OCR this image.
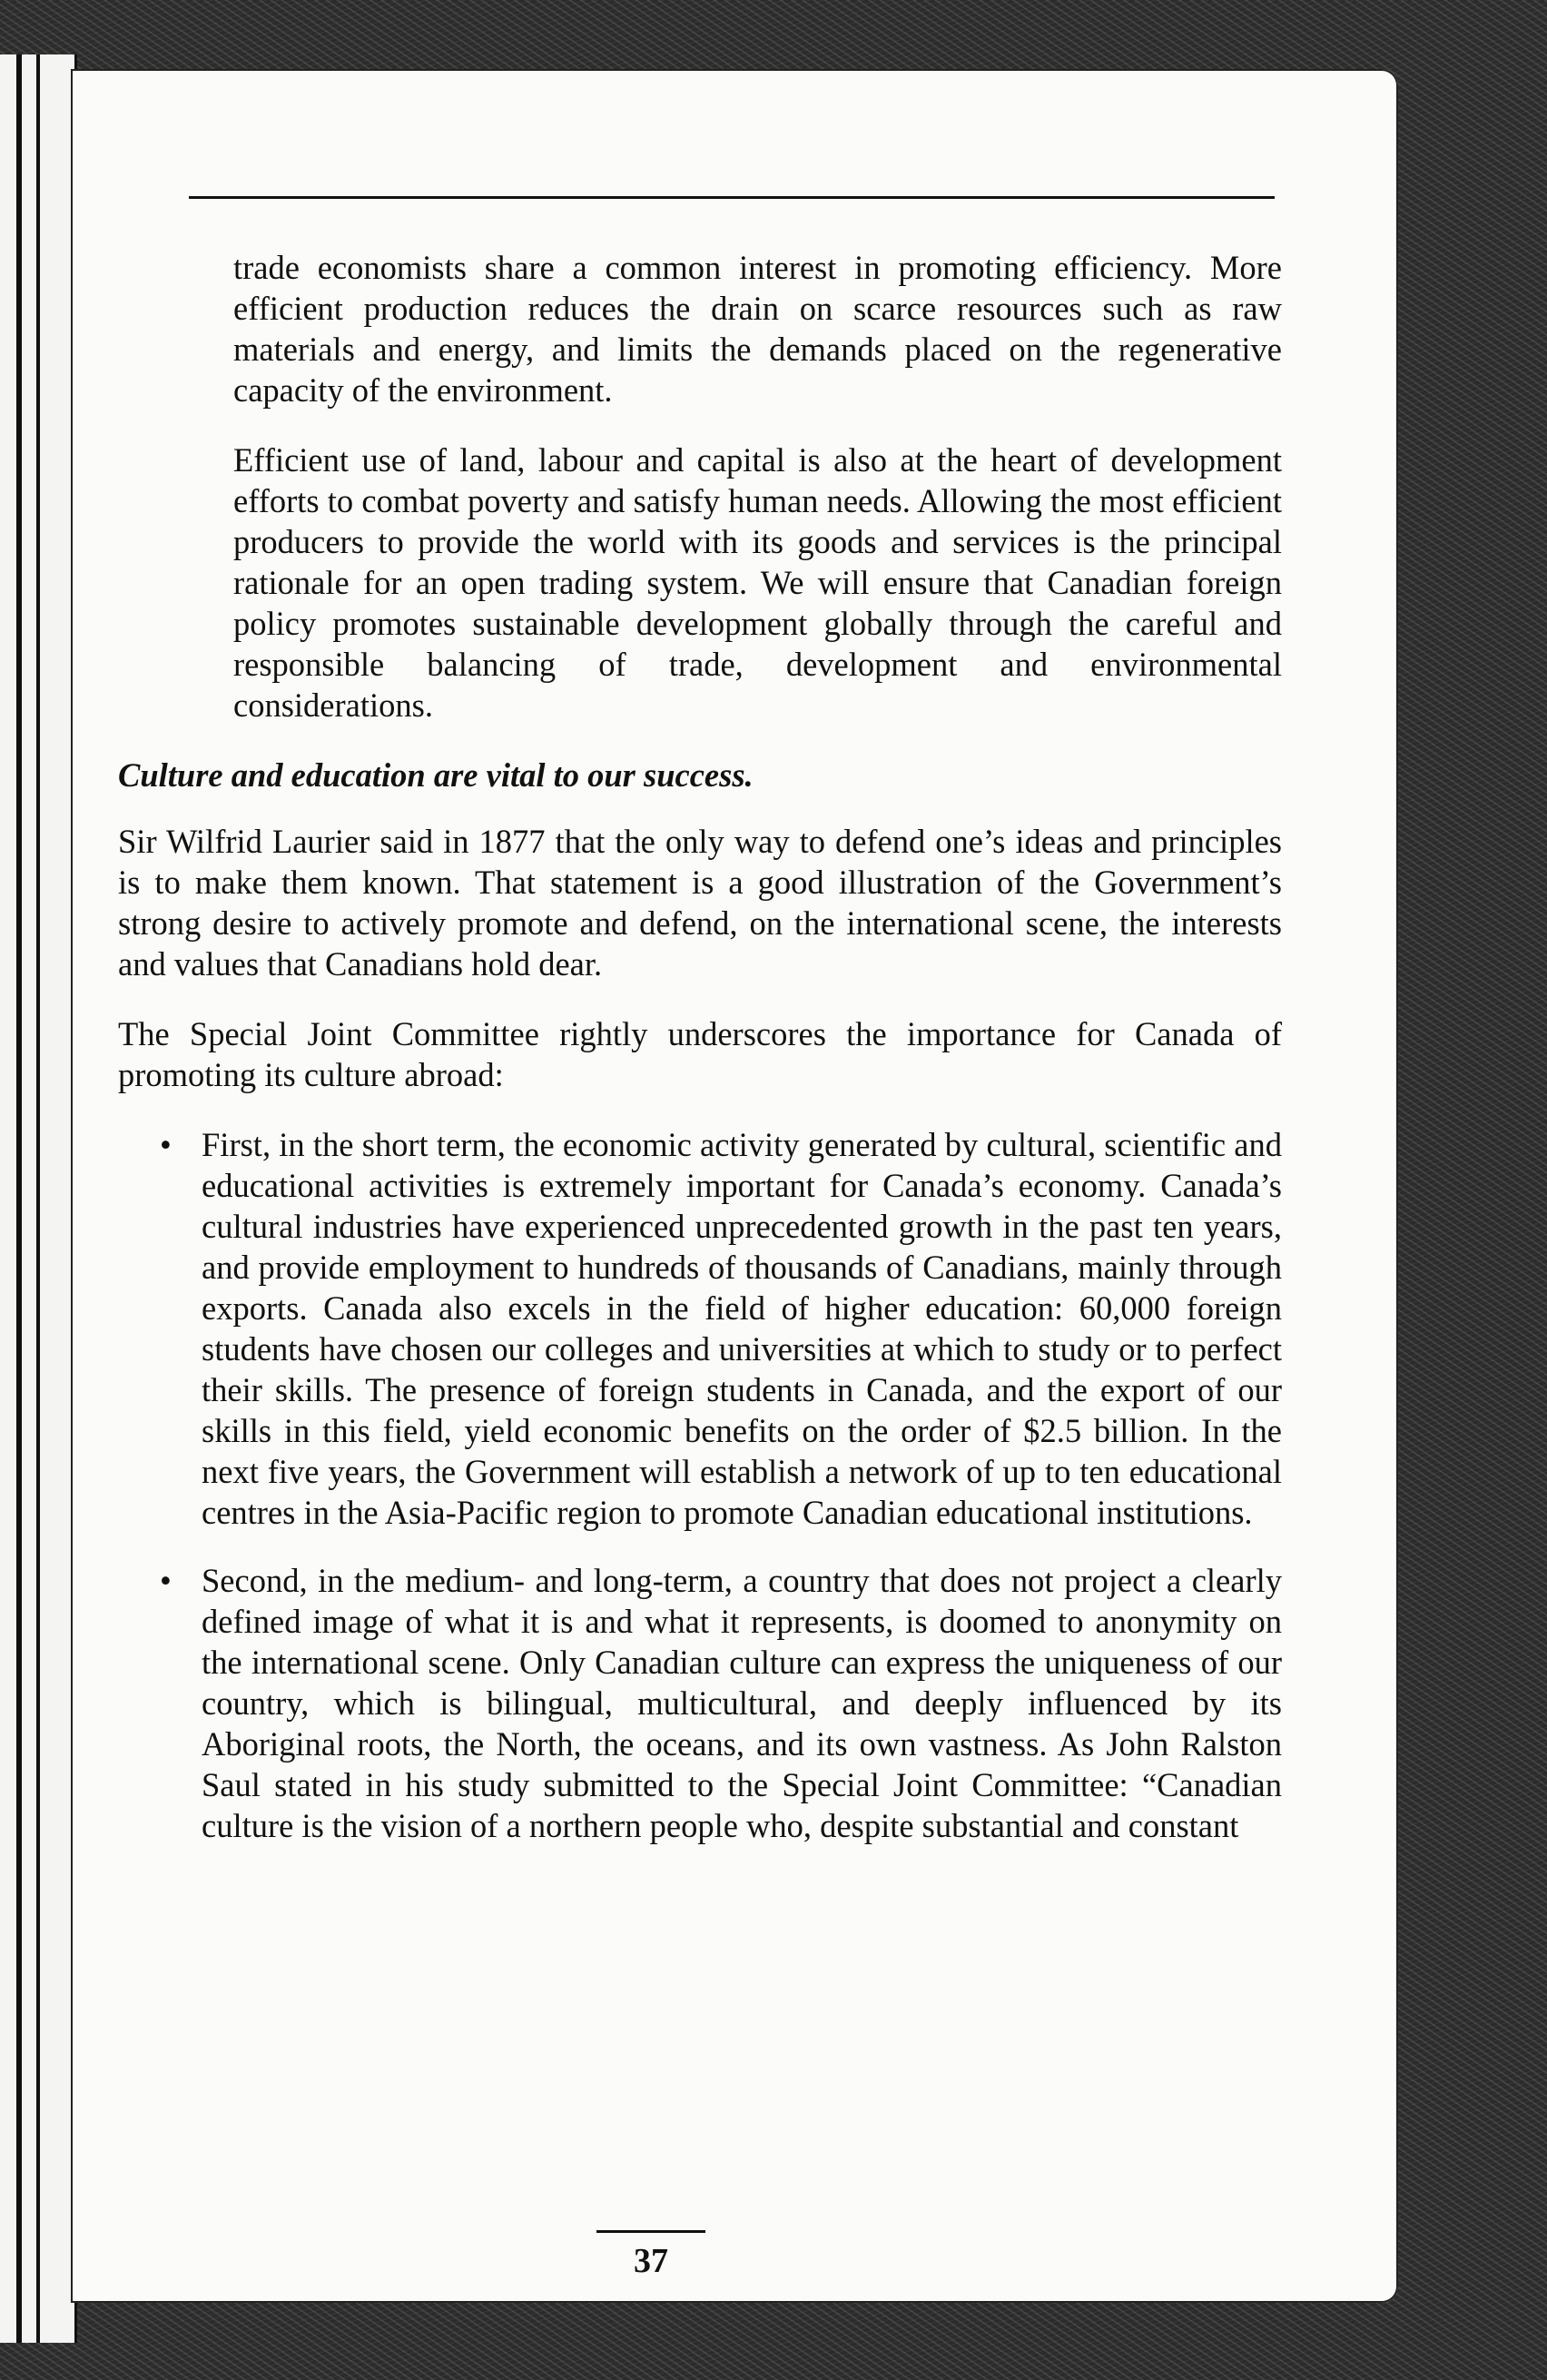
trade economists share a common interest in promoting efficiency. More efficient production reduces the drain on scarce resources such as raw materials and energy, and limits the demands placed on the regenerative capacity of the environment.

Efficient use of land, labour and capital is also at the heart of development efforts to combat poverty and satisfy human needs. Allowing the most efficient producers to provide the world with its goods and services is the principal rationale for an open trading system. We will ensure that Canadian foreign policy promotes sustainable development globally through the careful and responsible balancing of trade, development and environmental considerations.

Culture and education are vital to our success.

Sir Wilfrid Laurier said in 1877 that the only way to defend one’s ideas and principles is to make them known. That statement is a good illustration of the Government’s strong desire to actively promote and defend, on the international scene, the interests and values that Canadians hold dear.

The Special Joint Committee rightly underscores the importance for Canada of promoting its culture abroad:

• First, in the short term, the economic activity generated by cultural, scientific and educational activities is extremely important for Canada’s economy. Canada’s cultural industries have experienced unprecedented growth in the past ten years, and provide employment to hundreds of thousands of Canadians, mainly through exports. Canada also excels in the field of higher education: 60,000 foreign students have chosen our colleges and universities at which to study or to perfect their skills. The presence of foreign students in Canada, and the export of our skills in this field, yield economic benefits on the order of $2.5 billion. In the next five years, the Government will establish a network of up to ten educational centres in the Asia-Pacific region to promote Canadian educational institutions.
• Second, in the medium- and long-term, a country that does not project a clearly defined image of what it is and what it represents, is doomed to anonymity on the international scene. Only Canadian culture can express the uniqueness of our country, which is bilingual, multicultural, and deeply influenced by its Aboriginal roots, the North, the oceans, and its own vastness. As John Ralston Saul stated in his study submitted to the Special Joint Committee: “Canadian culture is the vision of a northern people who, despite substantial and constant
37
